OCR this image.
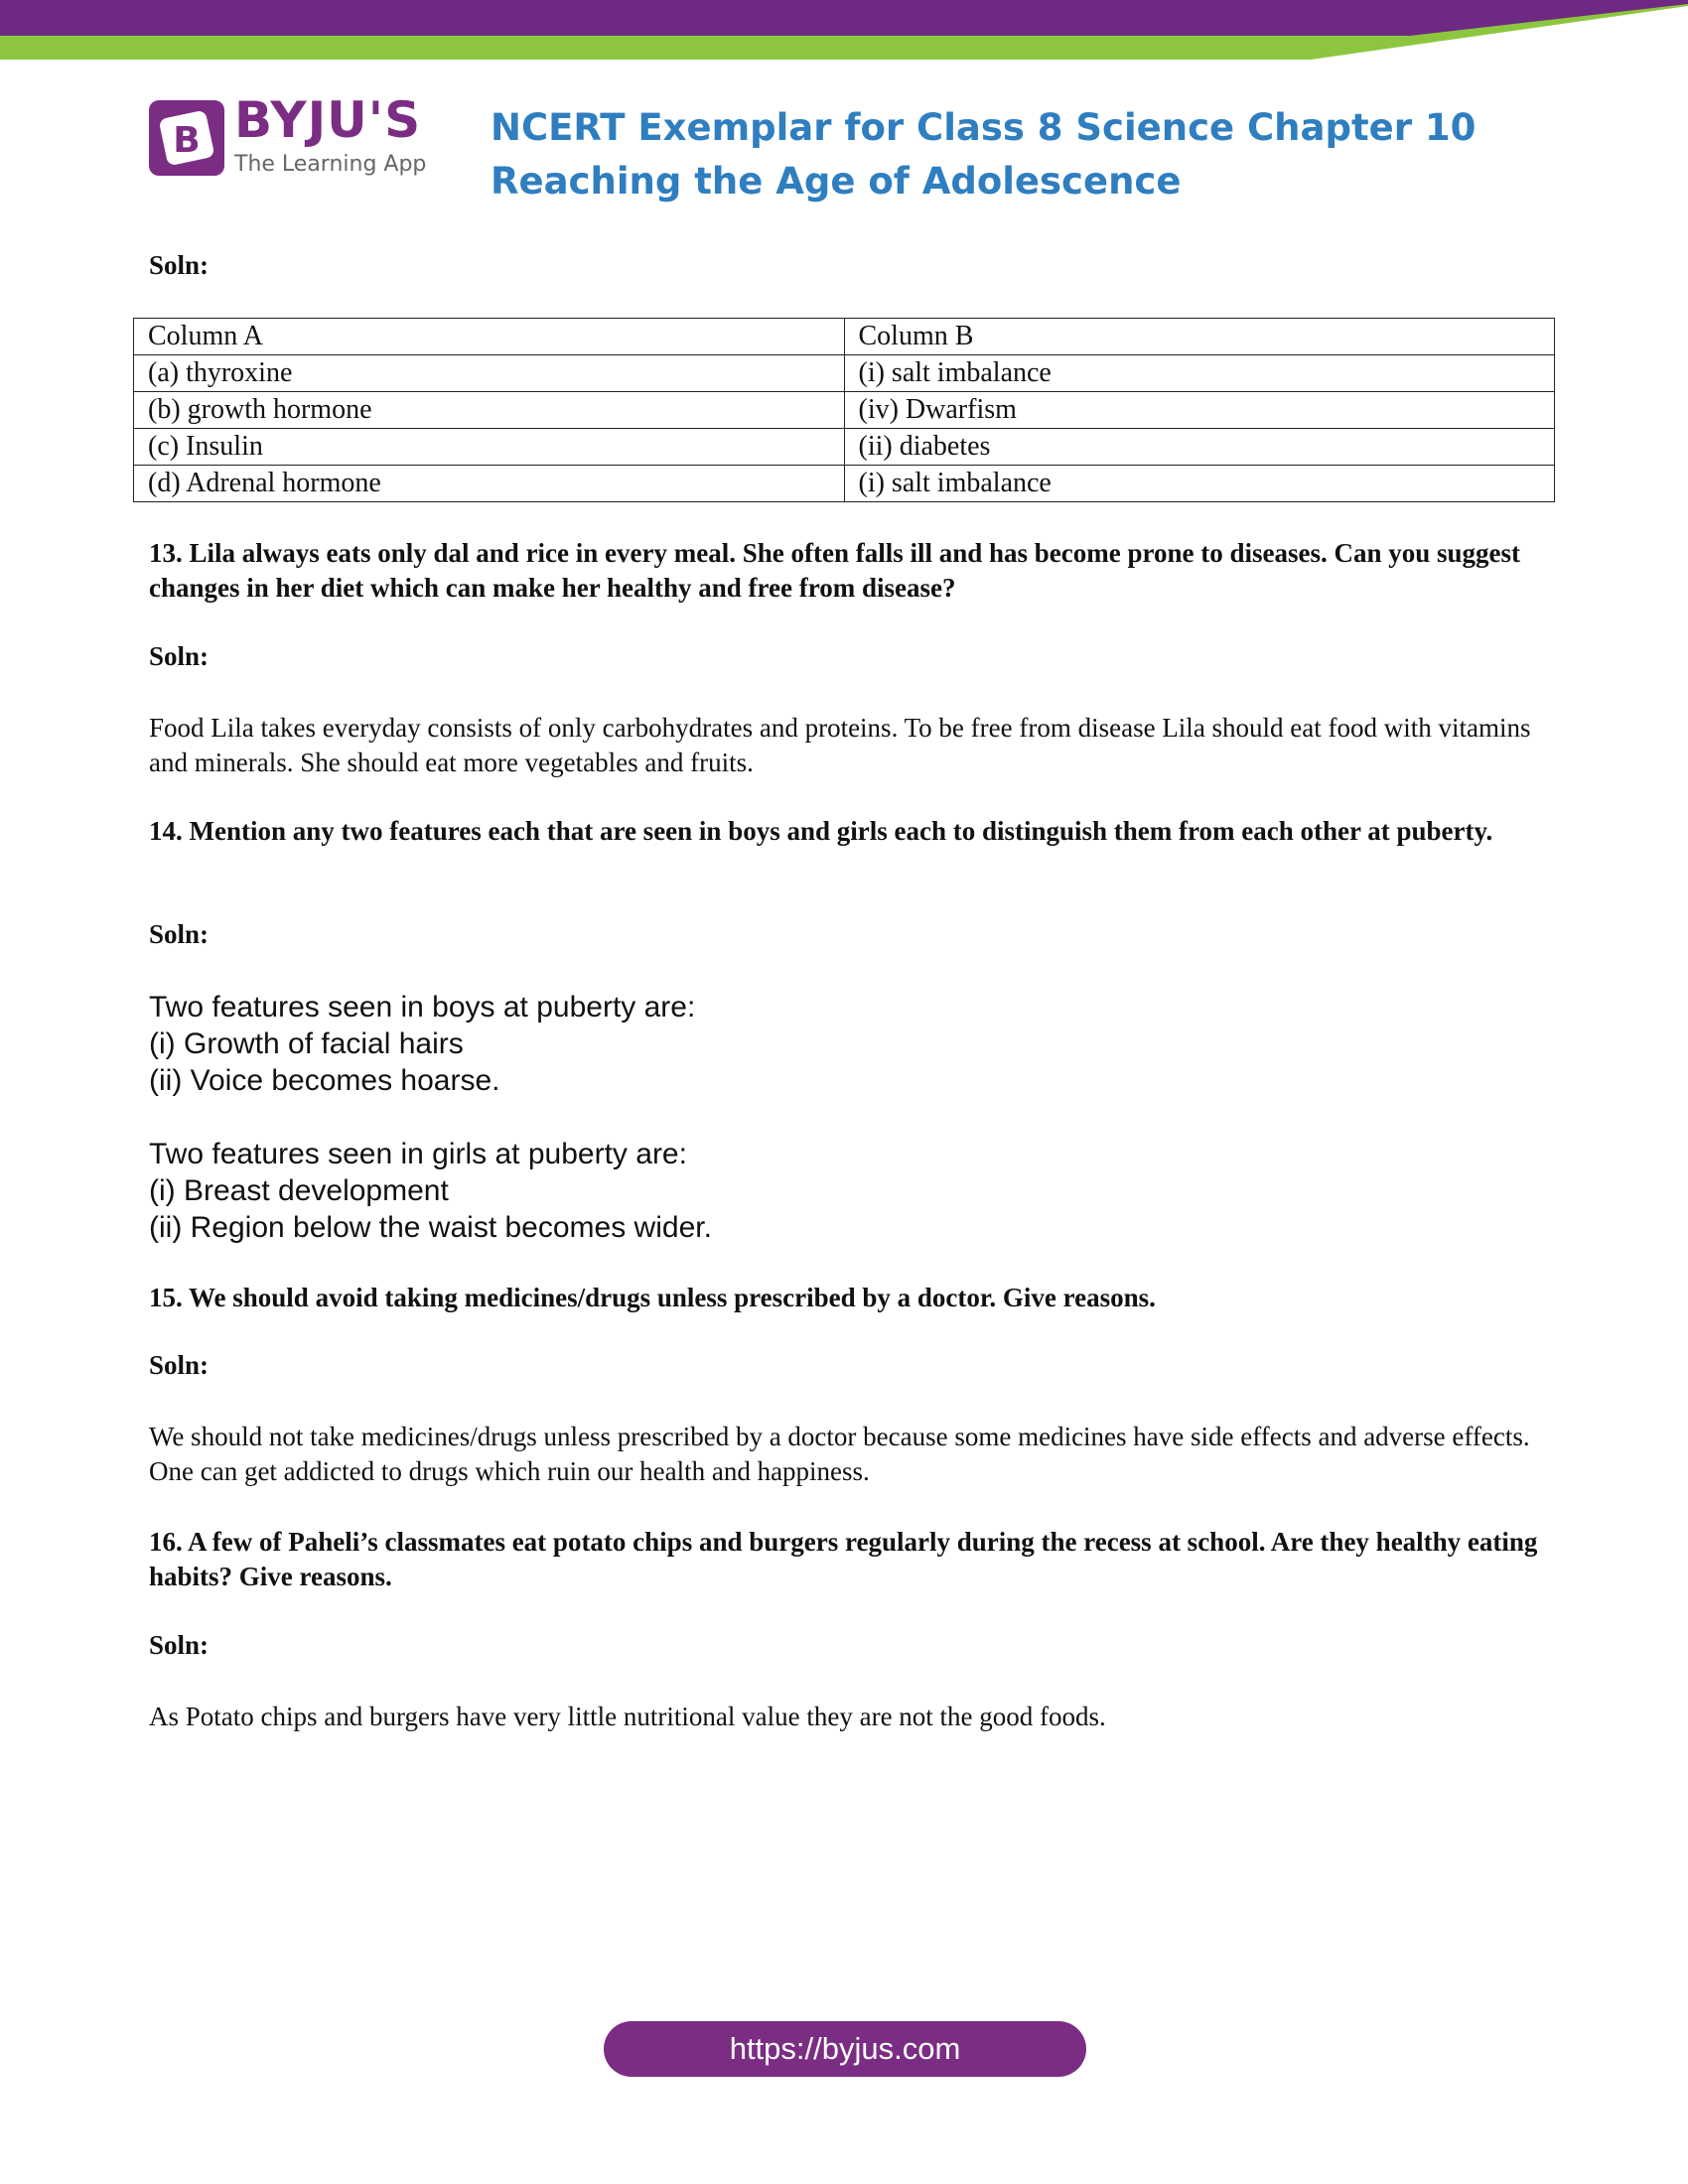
B BYJU'S
The Learning App
NCERT Exemplar for Class 8 Science Chapter 10 Reaching the Age of Adolescence

Soln:

Column A	Column B
(a) thyroxine	(i) salt imbalance
(b) growth hormone	(iv) Dwarfism
(c) Insulin	(ii) diabetes
(d) Adrenal hormone	(i) salt imbalance

13. Lila always eats only dal and rice in every meal. She often falls ill and has become prone to diseases. Can you suggest changes in her diet which can make her healthy and free from disease?

Soln:

Food Lila takes everyday consists of only carbohydrates and proteins. To be free from disease Lila should eat food with vitamins and minerals. She should eat more vegetables and fruits.

14. Mention any two features each that are seen in boys and girls each to distinguish them from each other at puberty.

Soln:

Two features seen in boys at puberty are:

(i) Growth of facial hairs

(ii) Voice becomes hoarse.

Two features seen in girls at puberty are:

(i) Breast development

(ii) Region below the waist becomes wider.

15. We should avoid taking medicines/drugs unless prescribed by a doctor. Give reasons.

Soln:

We should not take medicines/drugs unless prescribed by a doctor because some medicines have side effects and adverse effects. One can get addicted to drugs which ruin our health and happiness.

16. A few of Paheli’s classmates eat potato chips and burgers regularly during the recess at school. Are they healthy eating habits? Give reasons.

Soln:

As Potato chips and burgers have very little nutritional value they are not the good foods.

https://byjus.com
